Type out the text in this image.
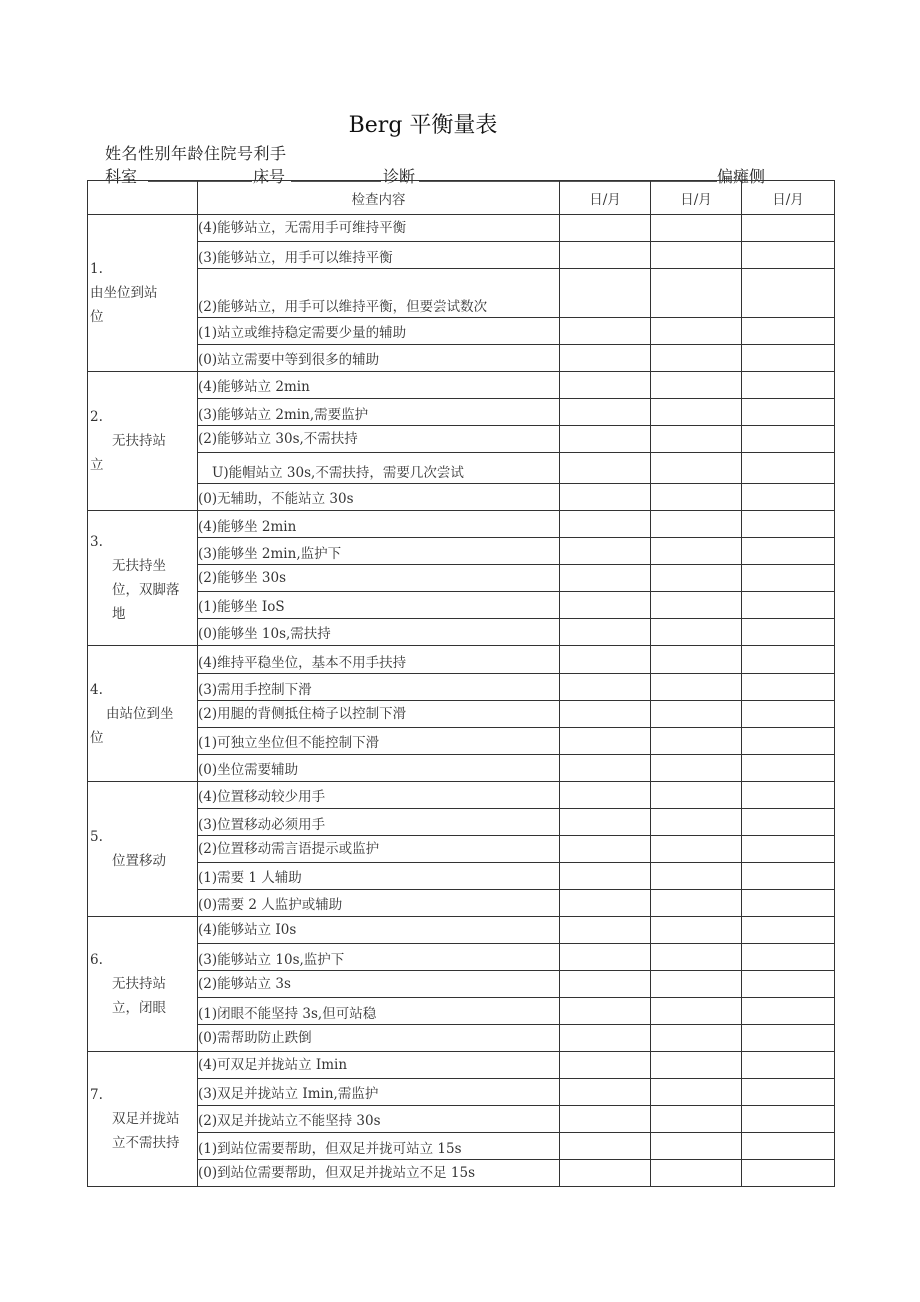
Berg 平衡量表
姓名性别年龄住院号利手
科室	床号	诊断	偏瘫侧
	检查内容	日/月	日/月	日/月

1.
由坐位到站
位	(4)能够站立，无需用手可维持平衡			
	(3)能够站立，用手可以维持平衡			
	(2)能够站立，用手可以维持平衡，但要尝试数次			
	(1)站立或维持稳定需要少量的辅助			
	(0)站立需要中等到很多的辅助			

2.
无扶持站
立	(4)能够站立 2min			
	(3)能够站立 2min,需要监护			
	(2)能够站立 30s,不需扶持			
	U)能帽站立 30s,不需扶持，需要几次尝试			
	(0)无辅助，不能站立 30s			

3.
无扶持坐
位，双脚落
地	(4)能够坐 2min			
	(3)能够坐 2min,监护下			
	(2)能够坐 30s			
	(1)能够坐 IoS			
	(0)能够坐 10s,需扶持			

4.
由站位到坐
位	(4)维持平稳坐位，基本不用手扶持			
	(3)需用手控制下滑			
	(2)用腿的背侧抵住椅子以控制下滑			
	(1)可独立坐位但不能控制下滑			
	(0)坐位需要辅助			

5.
位置移动	(4)位置移动较少用手			
	(3)位置移动必须用手			
	(2)位置移动需言语提示或监护			
	(1)需要 1 人辅助			
	(0)需要 2 人监护或辅助			

6.
无扶持站
立，闭眼	(4)能够站立 I0s			
	(3)能够站立 10s,监护下			
	(2)能够站立 3s			
	(1)闭眼不能坚持 3s,但可站稳			
	(0)需帮助防止跌倒			

7.
双足并拢站
立不需扶持	(4)可双足并拢站立 Imin			
	(3)双足并拢站立 Imin,需监护			
	(2)双足并拢站立不能坚持 30s			
	(1)到站位需要帮助，但双足并拢可站立 15s			
	(0)到站位需要帮助，但双足并拢站立不足 15s			
